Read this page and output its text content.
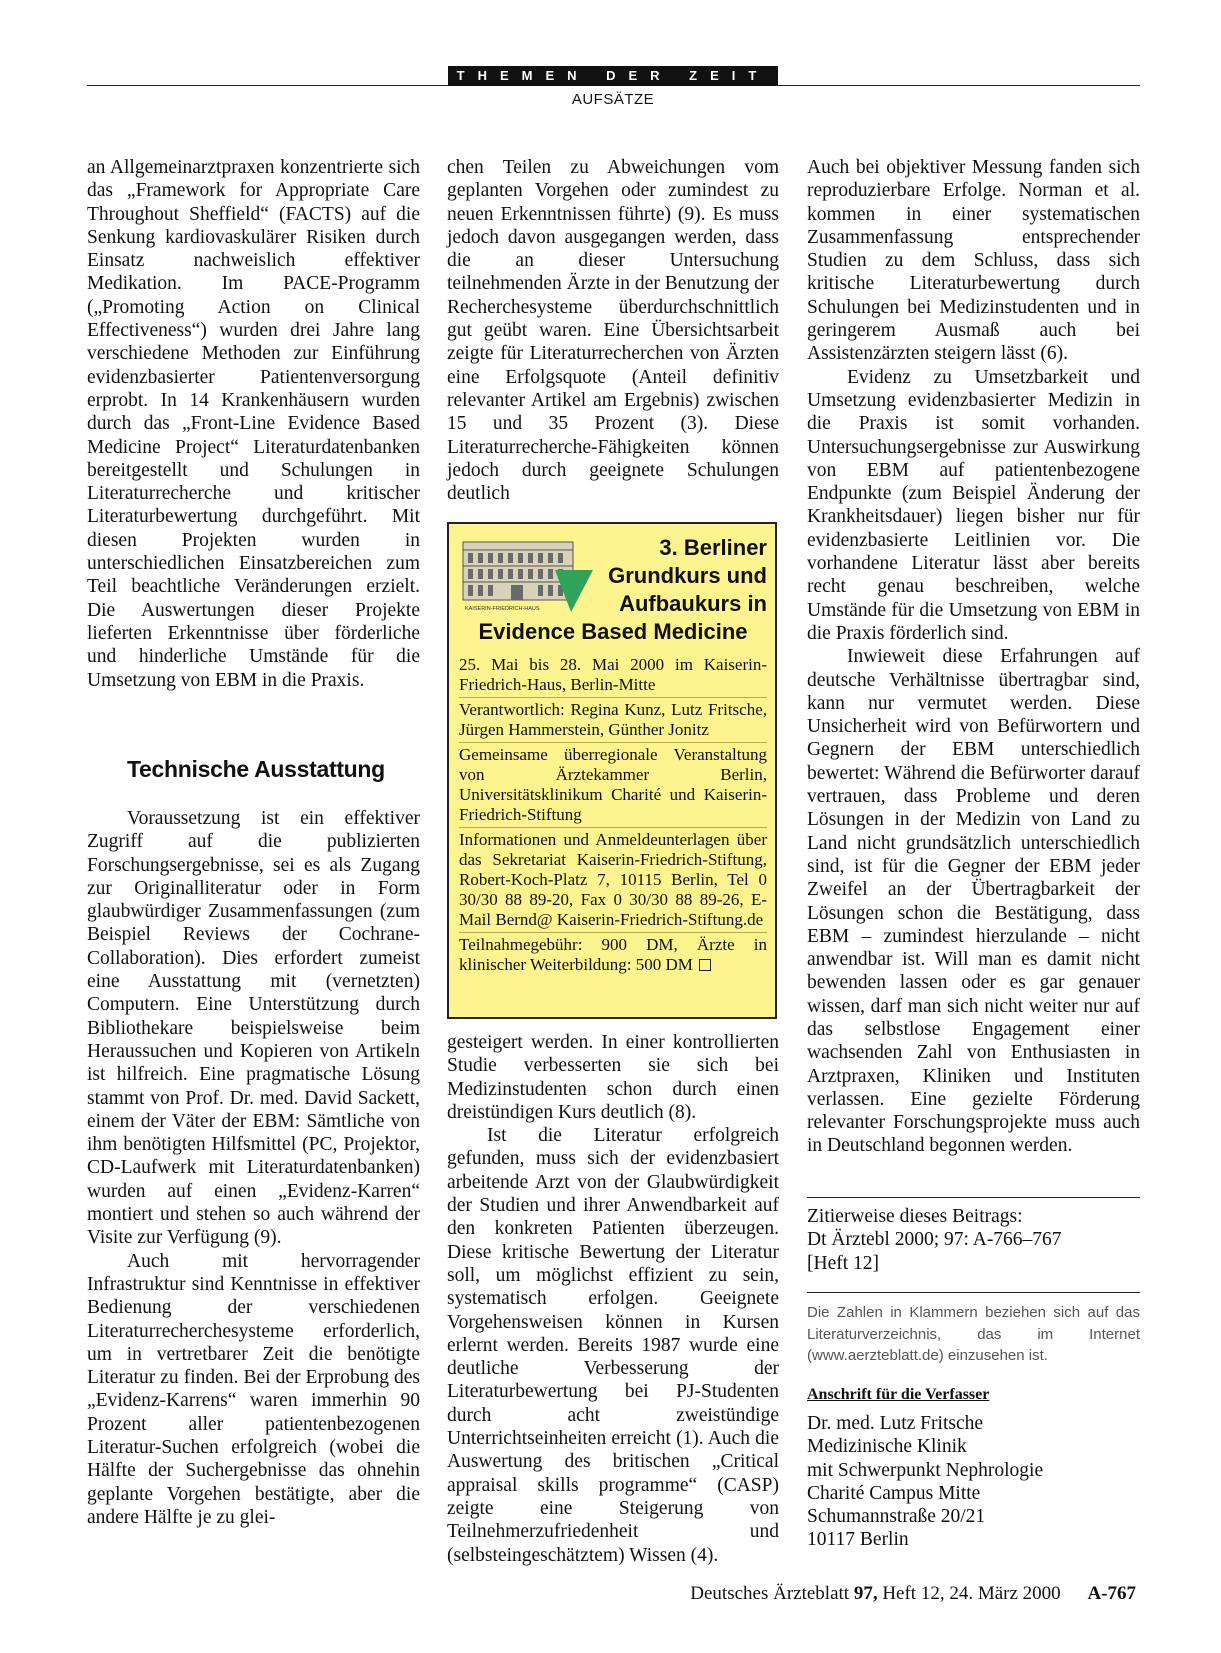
THEMEN DER ZEIT
AUFSÄTZE

an Allgemeinarztpraxen konzentrierte sich das „Framework for Appropriate Care Throughout Sheffield“ (FACTS) auf die Senkung kardiovaskulärer Risiken durch Einsatz nachweislich effektiver Medikation. Im PACE-Programm („Promoting Action on Clinical Effectiveness“) wurden drei Jahre lang verschiedene Methoden zur Einführung evidenzbasierter Patientenversorgung erprobt. In 14 Krankenhäusern wurden durch das „Front-Line Evidence Based Medicine Project“ Literaturdatenbanken bereitgestellt und Schulungen in Literaturrecherche und kritischer Literaturbewertung durchgeführt. Mit diesen Projekten wurden in unterschiedlichen Einsatzbereichen zum Teil beachtliche Veränderungen erzielt. Die Auswertungen dieser Projekte lieferten Erkenntnisse über förderliche und hinderliche Umstände für die Umsetzung von EBM in die Praxis.

Technische Ausstattung

Voraussetzung ist ein effektiver Zugriff auf die publizierten Forschungsergebnisse, sei es als Zugang zur Originalliteratur oder in Form glaubwürdiger Zusammenfassungen (zum Beispiel Reviews der Cochrane-Collaboration). Dies erfordert zumeist eine Ausstattung mit (vernetzten) Computern. Eine Unterstützung durch Bibliothekare beispielsweise beim Heraussuchen und Kopieren von Artikeln ist hilfreich. Eine pragmatische Lösung stammt von Prof. Dr. med. David Sackett, einem der Väter der EBM: Sämtliche von ihm benötigten Hilfsmittel (PC, Projektor, CD-Laufwerk mit Literaturdatenbanken) wurden auf einen „Evidenz-Karren“ montiert und stehen so auch während der Visite zur Verfügung (9).

Auch mit hervorragender Infrastruktur sind Kenntnisse in effektiver Bedienung der verschiedenen Literaturrecherchesysteme erforderlich, um in vertretbarer Zeit die benötigte Literatur zu finden. Bei der Erprobung des „Evidenz-Karrens“ waren immerhin 90 Prozent aller patientenbezogenen Literatur-Suchen erfolgreich (wobei die Hälfte der Suchergebnisse das ohnehin geplante Vorgehen bestätigte, aber die andere Hälfte je zu glei-

chen Teilen zu Abweichungen vom geplanten Vorgehen oder zumindest zu neuen Erkenntnissen führte) (9). Es muss jedoch davon ausgegangen werden, dass die an dieser Untersuchung teilnehmenden Ärzte in der Benutzung der Recherchesysteme überdurchschnittlich gut geübt waren. Eine Übersichtsarbeit zeigte für Literaturrecherchen von Ärzten eine Erfolgsquote (Anteil definitiv relevanter Artikel am Ergebnis) zwischen 15 und 35 Prozent (3). Diese Literaturrecherche-Fähigkeiten können jedoch durch geeignete Schulungen deutlich

KAISERIN-FRIEDRICH-HAUS
3. Berliner
Grundkurs und
Aufbaukurs in
Evidence Based Medicine

25. Mai bis 28. Mai 2000 im Kaiserin-Friedrich-Haus, Berlin-Mitte

Verantwortlich: Regina Kunz, Lutz Fritsche, Jürgen Hammerstein, Günther Jonitz

Gemeinsame überregionale Veranstaltung von Ärztekammer Berlin, Universitätsklinikum Charité und Kaiserin-Friedrich-Stiftung

Informationen und Anmeldeunterlagen über das Sekretariat Kaiserin-Friedrich-Stiftung, Robert-Koch-Platz 7, 10115 Berlin, Tel 0 30/30 88 89-20, Fax 0 30/30 88 89-26, E-Mail Bernd@ Kaiserin-Friedrich-Stiftung.de

Teilnahmegebühr: 900 DM, Ärzte in klinischer Weiterbildung: 500 DM

gesteigert werden. In einer kontrollierten Studie verbesserten sie sich bei Medizinstudenten schon durch einen dreistündigen Kurs deutlich (8).

Ist die Literatur erfolgreich gefunden, muss sich der evidenzbasiert arbeitende Arzt von der Glaubwürdigkeit der Studien und ihrer Anwendbarkeit auf den konkreten Patienten überzeugen. Diese kritische Bewertung der Literatur soll, um möglichst effizient zu sein, systematisch erfolgen. Geeignete Vorgehensweisen können in Kursen erlernt werden. Bereits 1987 wurde eine deutliche Verbesserung der Literaturbewertung bei PJ-Studenten durch acht zweistündige Unterrichtseinheiten erreicht (1). Auch die Auswertung des britischen „Critical appraisal skills programme“ (CASP) zeigte eine Steigerung von Teilnehmerzufriedenheit und (selbsteingeschätztem) Wissen (4).

Auch bei objektiver Messung fanden sich reproduzierbare Erfolge. Norman et al. kommen in einer systematischen Zusammenfassung entsprechender Studien zu dem Schluss, dass sich kritische Literaturbewertung durch Schulungen bei Medizinstudenten und in geringerem Ausmaß auch bei Assistenzärzten steigern lässt (6).

Evidenz zu Umsetzbarkeit und Umsetzung evidenzbasierter Medizin in die Praxis ist somit vorhanden. Untersuchungsergebnisse zur Auswirkung von EBM auf patientenbezogene Endpunkte (zum Beispiel Änderung der Krankheitsdauer) liegen bisher nur für evidenzbasierte Leitlinien vor. Die vorhandene Literatur lässt aber bereits recht genau beschreiben, welche Umstände für die Umsetzung von EBM in die Praxis förderlich sind.

Inwieweit diese Erfahrungen auf deutsche Verhältnisse übertragbar sind, kann nur vermutet werden. Diese Unsicherheit wird von Befürwortern und Gegnern der EBM unterschiedlich bewertet: Während die Befürworter darauf vertrauen, dass Probleme und deren Lösungen in der Medizin von Land zu Land nicht grundsätzlich unterschiedlich sind, ist für die Gegner der EBM jeder Zweifel an der Übertragbarkeit der Lösungen schon die Bestätigung, dass EBM – zumindest hierzulande – nicht anwendbar ist. Will man es damit nicht bewenden lassen oder es gar genauer wissen, darf man sich nicht weiter nur auf das selbstlose Engagement einer wachsenden Zahl von Enthusiasten in Arztpraxen, Kliniken und Instituten verlassen. Eine gezielte Förderung relevanter Forschungsprojekte muss auch in Deutschland begonnen werden.

Zitierweise dieses Beitrags:
Dt Ärztebl 2000; 97: A-766–767
[Heft 12]
Die Zahlen in Klammern beziehen sich auf das Literaturverzeichnis, das im Internet (www.aerzteblatt.de) einzusehen ist.
Anschrift für die Verfasser
Dr. med. Lutz Fritsche
Medizinische Klinik
mit Schwerpunkt Nephrologie
Charité Campus Mitte
Schumannstraße 20/21
10117 Berlin
Deutsches Ärzteblatt 97, Heft 12, 24. März 2000 A-767
